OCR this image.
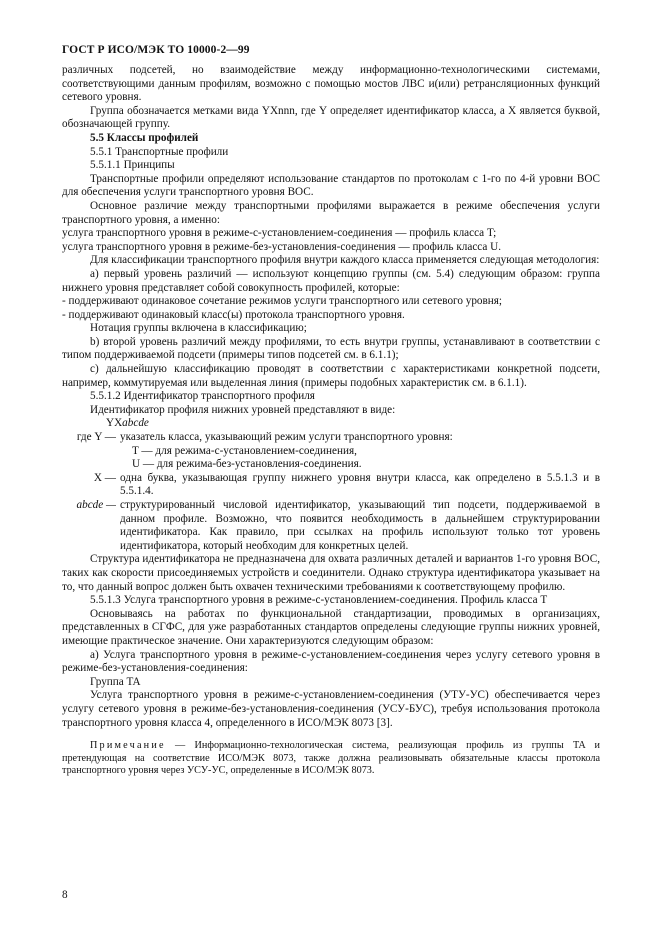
ГОСТ Р ИСО/МЭК ТО 10000-2—99

различных подсетей, но взаимодействие между информационно-технологическими системами, соответствующими данным профилям, возможно с помощью мостов ЛВС и(или) ретрансляционных функций сетевого уровня.

Группа обозначается метками вида YXnnn, где Y определяет идентификатор класса, а X является буквой, обозначающей группу.

5.5 Классы профилей

5.5.1 Транспортные профили

5.5.1.1 Принципы

Транспортные профили определяют использование стандартов по протоколам с 1-го по 4-й уровни ВОС для обеспечения услуги транспортного уровня ВОС.

Основное различие между транспортными профилями выражается в режиме обеспечения услуги транспортного уровня, а именно:

услуга транспортного уровня в режиме-с-установлением-соединения — профиль класса T;

услуга транспортного уровня в режиме-без-установления-соединения — профиль класса U.

Для классификации транспортного профиля внутри каждого класса применяется следующая методология:

а) первый уровень различий — используют концепцию группы (см. 5.4) следующим образом: группа нижнего уровня представляет собой совокупность профилей, которые:

- поддерживают одинаковое сочетание режимов услуги транспортного или сетевого уровня;

- поддерживают одинаковый класс(ы) протокола транспортного уровня.

Нотация группы включена в классификацию;

b) второй уровень различий между профилями, то есть внутри группы, устанавливают в соответствии с типом поддерживаемой подсети (примеры типов подсетей см. в 6.1.1);

с) дальнейшую классификацию проводят в соответствии с характеристиками конкретной подсети, например, коммутируемая или выделенная линия (примеры подобных характеристик см. в 6.1.1).

5.5.1.2 Идентификатор транспортного профиля

Идентификатор профиля нижних уровней представляют в виде:

YXabcde
где Y — указатель класса, указывающий режим услуги транспортного уровня:
T — для режима-с-установлением-соединения,
U — для режима-без-установления-соединения.
X — одна буква, указывающая группу нижнего уровня внутри класса, как определено в 5.5.1.3 и в 5.5.1.4.
abcde — структурированный числовой идентификатор, указывающий тип подсети, поддерживаемой в данном профиле. Возможно, что появится необходимость в дальнейшем структурировании идентификатора. Как правило, при ссылках на профиль используют только тот уровень идентификатора, который необходим для конкретных целей.

Структура идентификатора не предназначена для охвата различных деталей и вариантов 1-го уровня ВОС, таких как скорости присоединяемых устройств и соединители. Однако структура идентификатора указывает на то, что данный вопрос должен быть охвачен техническими требованиями к соответствующему профилю.

5.5.1.3 Услуга транспортного уровня в режиме-с-установлением-соединения. Профиль класса T

Основываясь на работах по функциональной стандартизации, проводимых в организациях, представленных в СГФС, для уже разработанных стандартов определены следующие группы нижних уровней, имеющие практическое значение. Они характеризуются следующим образом:

а) Услуга транспортного уровня в режиме-с-установлением-соединения через услугу сетевого уровня в режиме-без-установления-соединения:

Группа TA

Услуга транспортного уровня в режиме-с-установлением-соединения (УТУ-УС) обеспечивается через услугу сетевого уровня в режиме-без-установления-соединения (УСУ-БУС), требуя использования протокола транспортного уровня класса 4, определенного в ИСО/МЭК 8073 [3].

Примечание — Информационно-технологическая система, реализующая профиль из группы TA и претендующая на соответствие ИСО/МЭК 8073, также должна реализовывать обязательные классы протокола транспортного уровня через УСУ-УС, определенные в ИСО/МЭК 8073.

8
